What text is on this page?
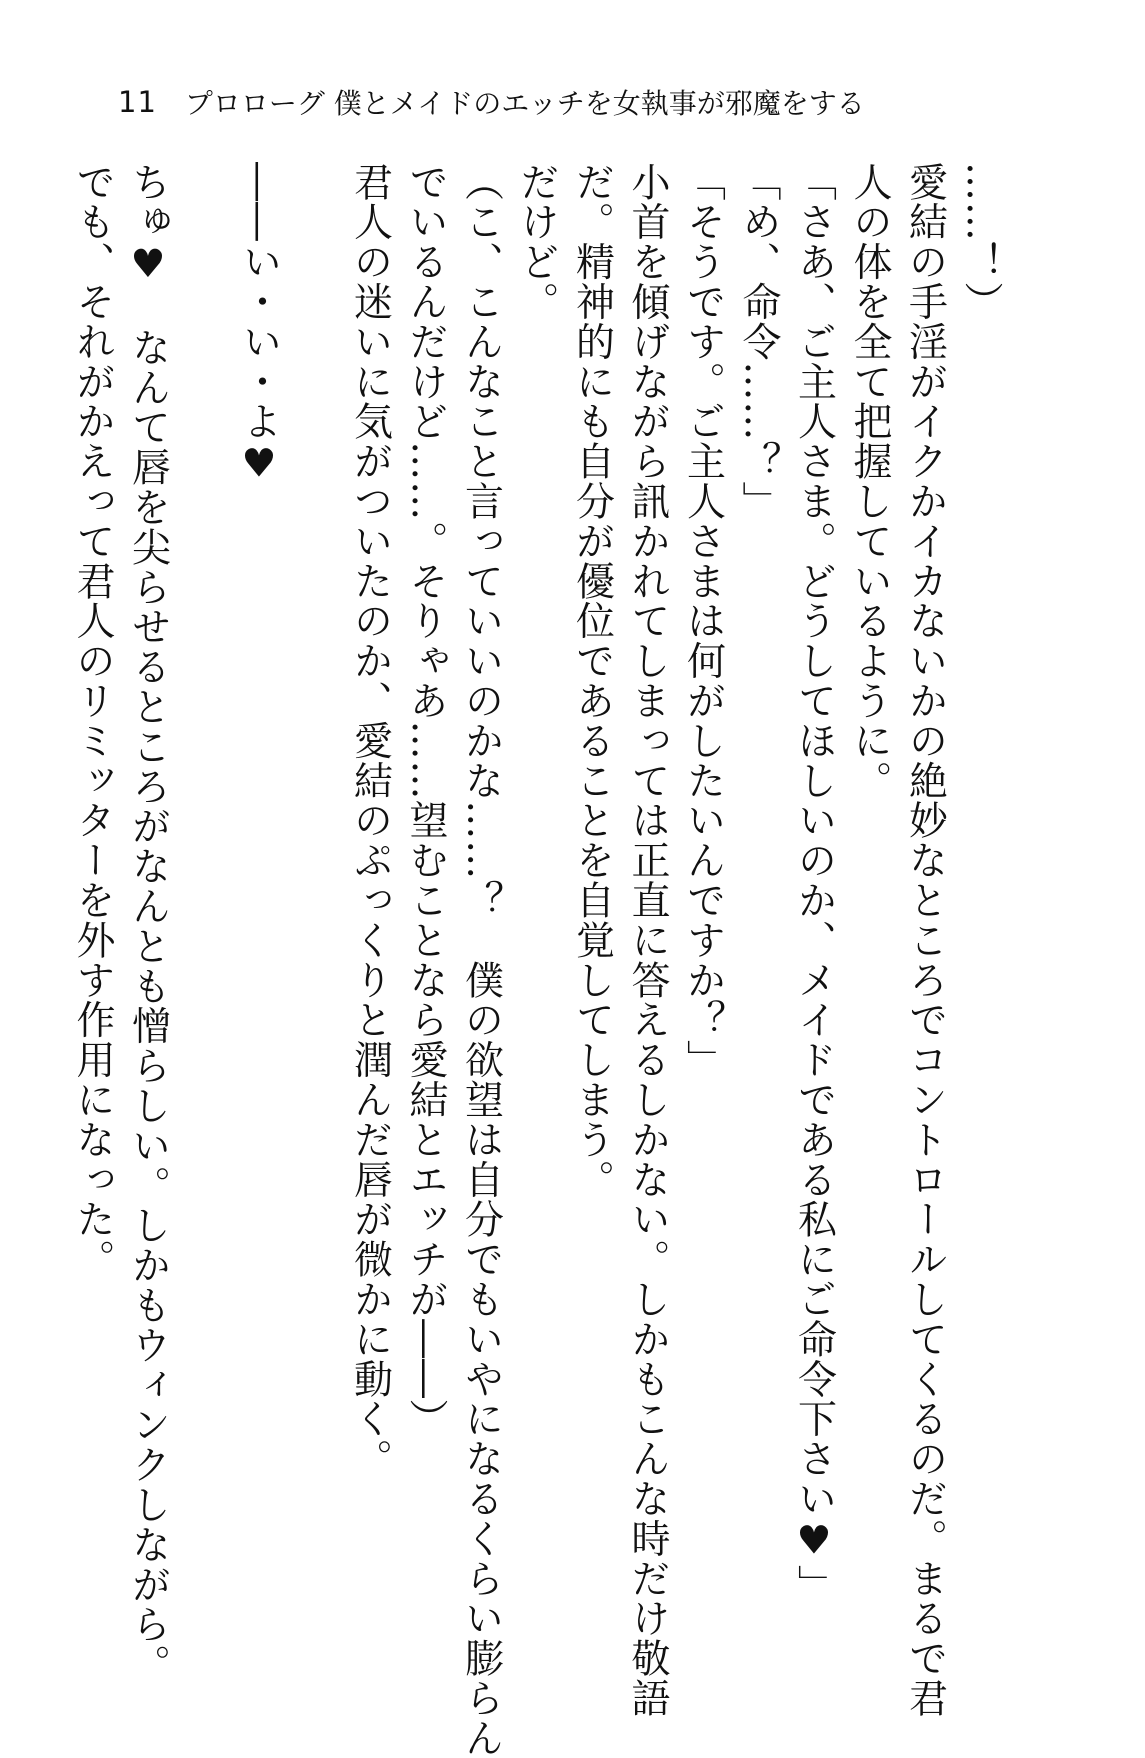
11 プロローグ 僕とメイドのエッチを女執事が邪魔をする
……！）
愛結の手淫がイクかイカないかの絶妙なところでコントロールしてくるのだ。まるで君
人の体を全て把握しているように。
「さあ、ご主人さま。どうしてほしいのか、メイドである私にご命令下さい♥」
「め、命令……？」
「そうです。ご主人さまは何がしたいんですか？」
小首を傾げながら訊かれてしまっては正直に答えるしかない。しかもこんな時だけ敬語
だ。精神的にも自分が優位であることを自覚してしまう。
だけど。
（こ、こんなこと言っていいのかな……？　僕の欲望は自分でもいやになるくらい膨らん
でいるんだけど……。そりゃあ……望むことなら愛結とエッチが――）
君人の迷いに気がついたのか、愛結のぷっくりと潤んだ唇が微かに動く。
――い・い・よ♥
ちゅ♥　なんて唇を尖らせるところがなんとも憎らしい。しかもウィンクしながら。
でも、それがかえって君人のリミッターを外す作用になった。
